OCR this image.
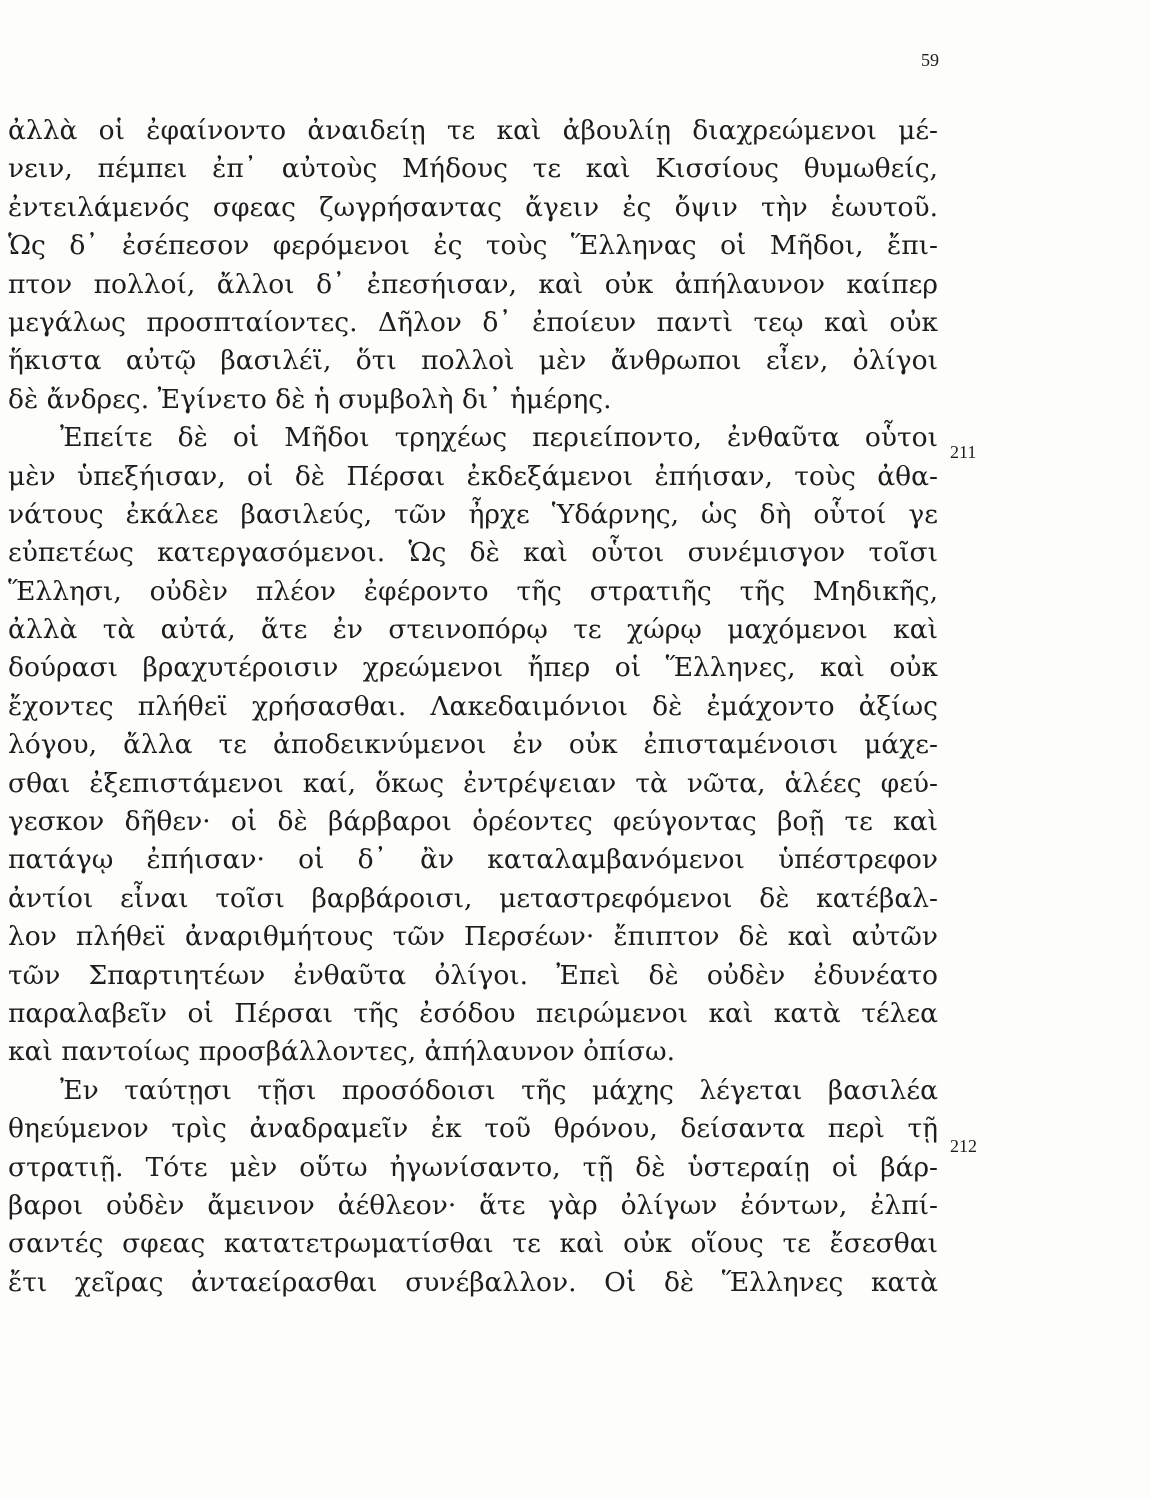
59
211
212
ἀλλὰ οἱ ἐφαίνοντο ἀναιδείῃ τε καὶ ἀβουλίῃ διαχρεώμενοι μέ-
νειν, πέμπει ἐπ᾽ αὐτοὺς Μήδους τε καὶ Κισσίους θυμωθείς,
ἐντειλάμενός σφεας ζωγρήσαντας ἄγειν ἐς ὄψιν τὴν ἑωυτοῦ.
Ὡς δ᾽ ἐσέπεσον φερόμενοι ἐς τοὺς Ἕλληνας οἱ Μῆδοι, ἔπι-
πτον πολλοί, ἄλλοι δ᾽ ἐπεσήισαν, καὶ οὐκ ἀπήλαυνον καίπερ
μεγάλως προσπταίοντες. Δῆλον δ᾽ ἐποίευν παντὶ τεῳ καὶ οὐκ
ἥκιστα αὐτῷ βασιλέϊ, ὅτι πολλοὶ μὲν ἄνθρωποι εἶεν, ὀλίγοι
δὲ ἄνδρες. Ἐγίνετο δὲ ἡ συμβολὴ δι᾽ ἡμέρης.
Ἐπείτε δὲ οἱ Μῆδοι τρηχέως περιείποντο, ἐνθαῦτα οὗτοι
μὲν ὑπεξήισαν, οἱ δὲ Πέρσαι ἐκδεξάμενοι ἐπήισαν, τοὺς ἀθα-
νάτους ἐκάλεε βασιλεύς, τῶν ἦρχε Ὑδάρνης, ὡς δὴ οὗτοί γε
εὐπετέως κατεργασόμενοι. Ὡς δὲ καὶ οὗτοι συνέμισγον τοῖσι
Ἕλλησι, οὐδὲν πλέον ἐφέροντο τῆς στρατιῆς τῆς Μηδικῆς,
ἀλλὰ τὰ αὐτά, ἅτε ἐν στεινοπόρῳ τε χώρῳ μαχόμενοι καὶ
δούρασι βραχυτέροισιν χρεώμενοι ἤπερ οἱ Ἕλληνες, καὶ οὐκ
ἔχοντες πλήθεϊ χρήσασθαι. Λακεδαιμόνιοι δὲ ἐμάχοντο ἀξίως
λόγου, ἄλλα τε ἀποδεικνύμενοι ἐν οὐκ ἐπισταμένοισι μάχε-
σθαι ἐξεπιστάμενοι καί, ὅκως ἐντρέψειαν τὰ νῶτα, ἁλέες φεύ-
γεσκον δῆθεν· οἱ δὲ βάρβαροι ὁρέοντες φεύγοντας βοῇ τε καὶ
πατάγῳ ἐπήισαν· οἱ δ᾽ ἂν καταλαμβανόμενοι ὑπέστρεφον
ἀντίοι εἶναι τοῖσι βαρβάροισι, μεταστρεφόμενοι δὲ κατέβαλ-
λον πλήθεϊ ἀναριθμήτους τῶν Περσέων· ἔπιπτον δὲ καὶ αὐτῶν
τῶν Σπαρτιητέων ἐνθαῦτα ὀλίγοι. Ἐπεὶ δὲ οὐδὲν ἐδυνέατο
παραλαβεῖν οἱ Πέρσαι τῆς ἐσόδου πειρώμενοι καὶ κατὰ τέλεα
καὶ παντοίως προσβάλλοντες, ἀπήλαυνον ὀπίσω.
Ἐν ταύτῃσι τῇσι προσόδοισι τῆς μάχης λέγεται βασιλέα
θηεύμενον τρὶς ἀναδραμεῖν ἐκ τοῦ θρόνου, δείσαντα περὶ τῇ
στρατιῇ. Τότε μὲν οὕτω ἠγωνίσαντο, τῇ δὲ ὑστεραίῃ οἱ βάρ-
βαροι οὐδὲν ἄμεινον ἀέθλεον· ἅτε γὰρ ὀλίγων ἐόντων, ἐλπί-
σαντές σφεας κατατετρωματίσθαι τε καὶ οὐκ οἵους τε ἔσεσθαι
ἔτι χεῖρας ἀνταείρασθαι συνέβαλλον. Οἱ δὲ Ἕλληνες κατὰ
